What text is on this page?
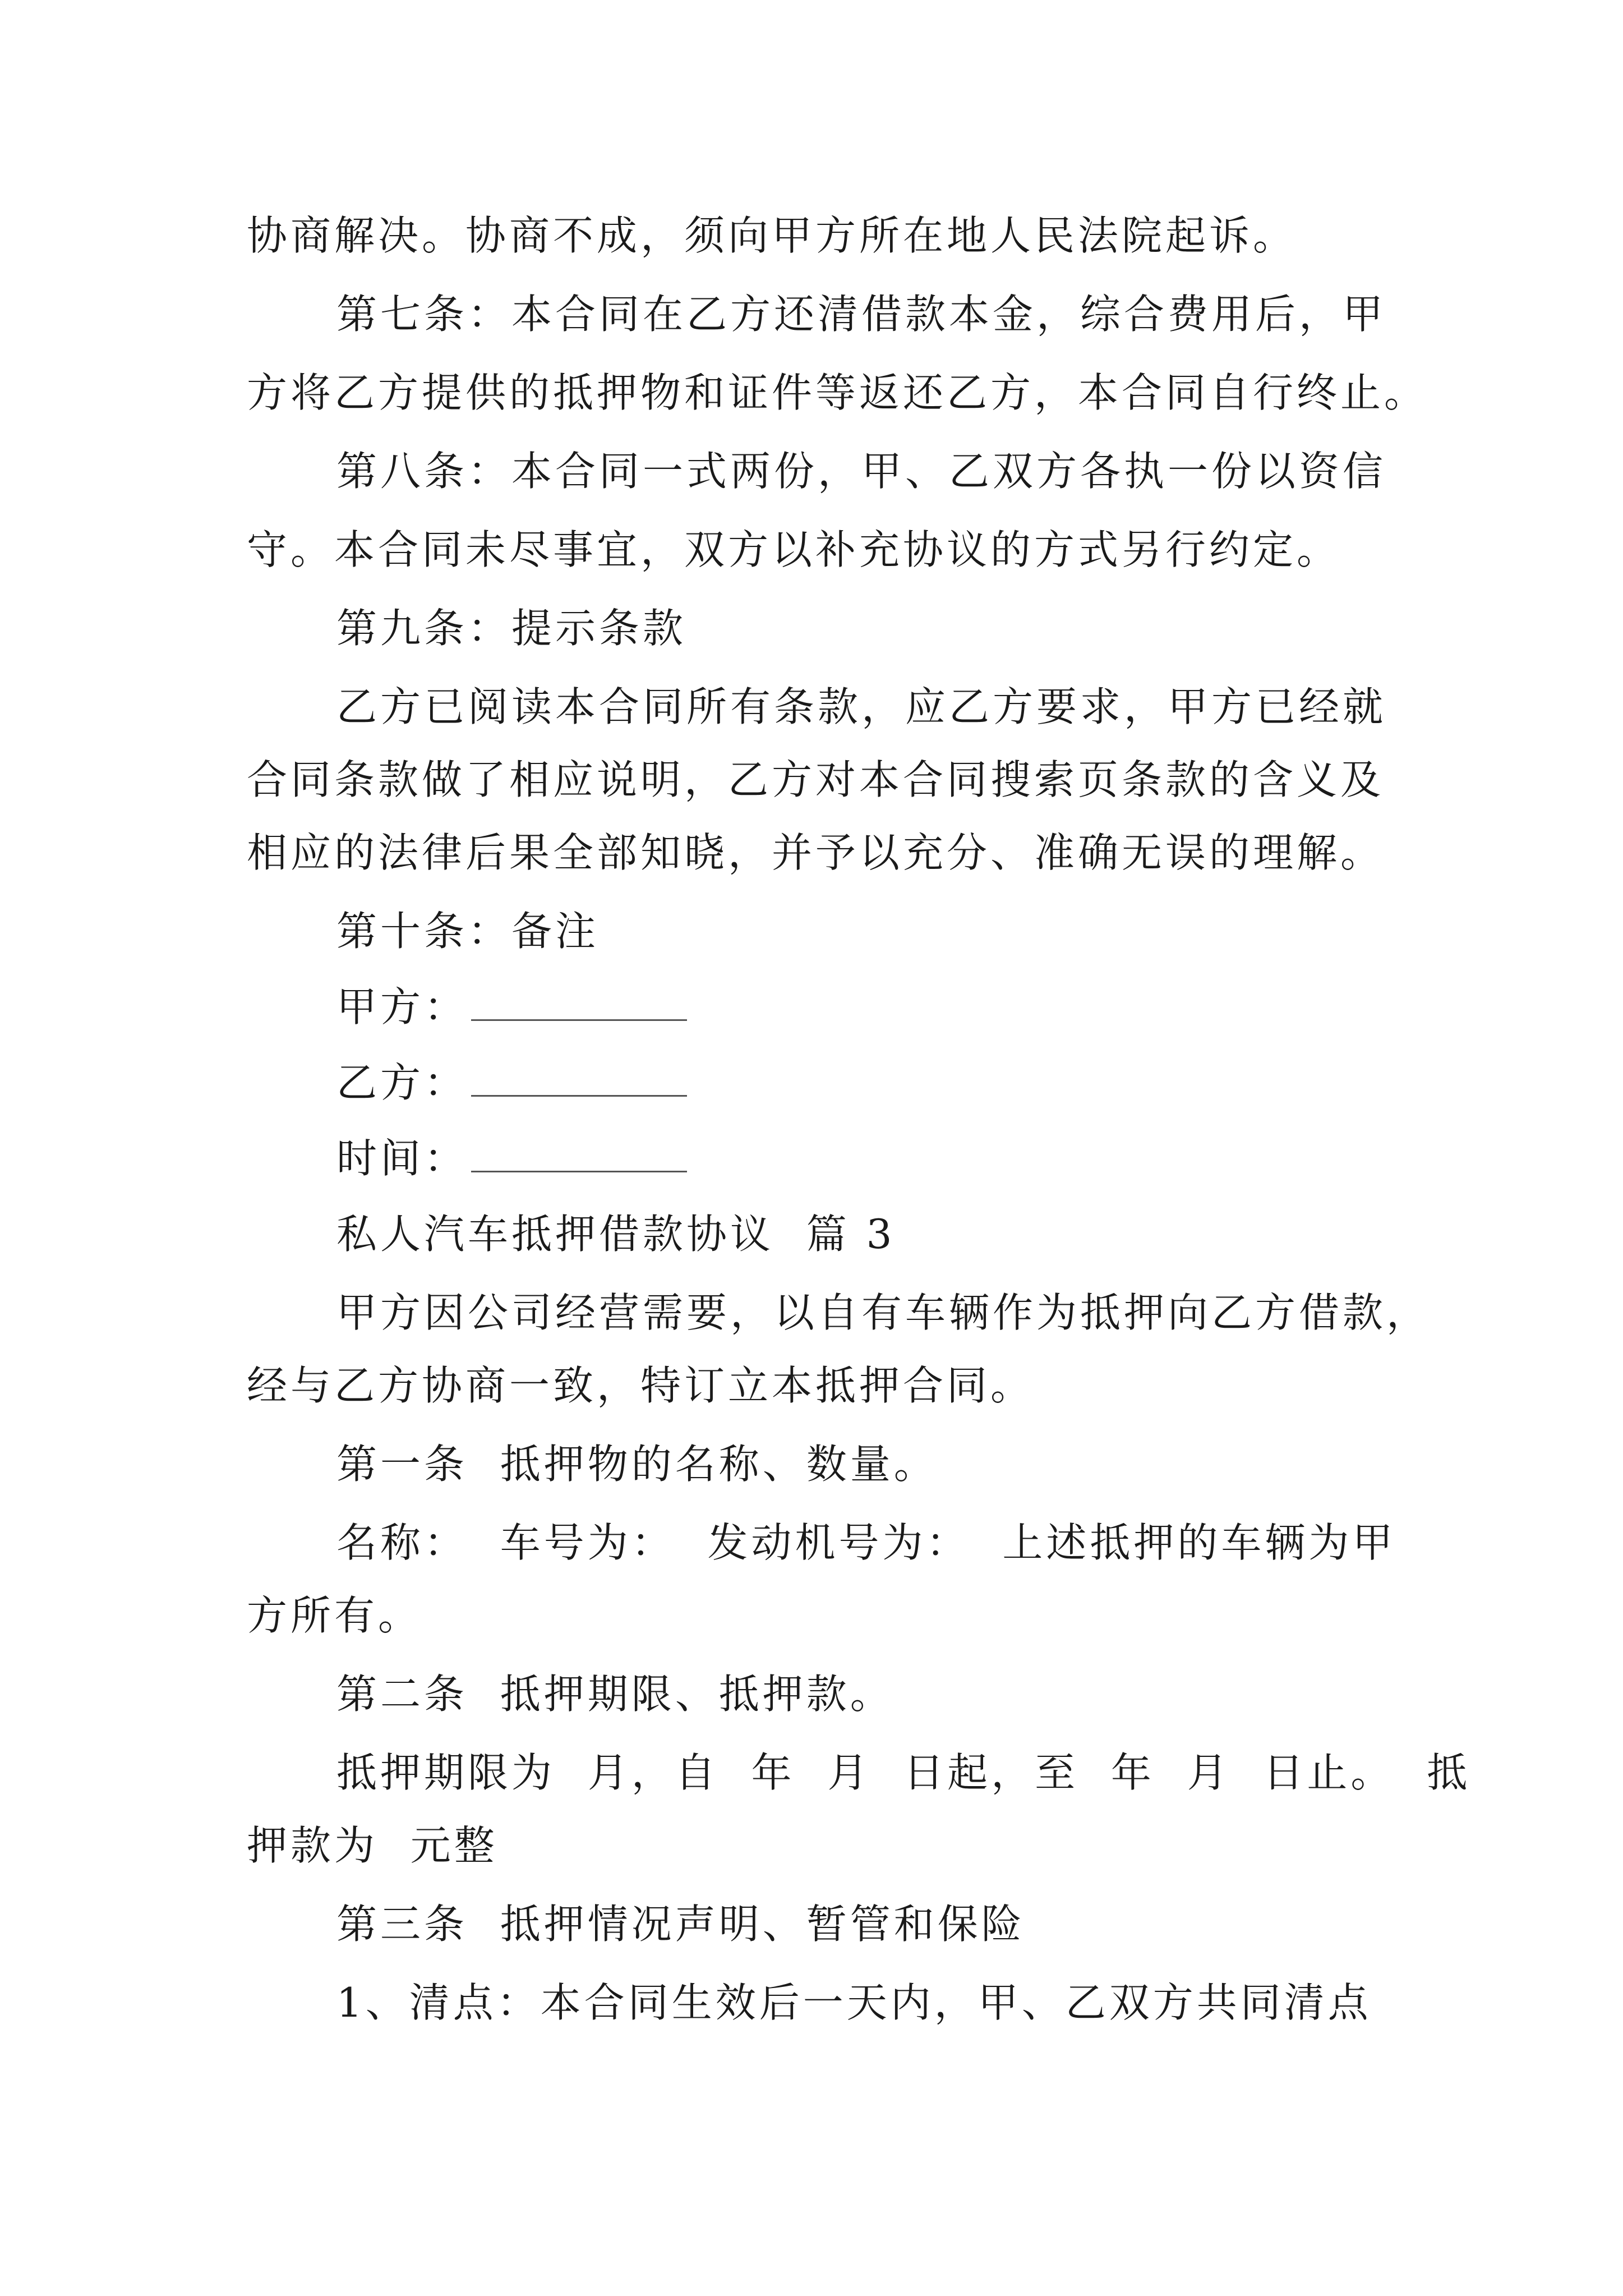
协商解决。协商不成，须向甲方所在地人民法院起诉。
第七条：本合同在乙方还清借款本金，综合费用后，甲
方将乙方提供的抵押物和证件等返还乙方，本合同自行终止。
第八条：本合同一式两份，甲、乙双方各执一份以资信
守。本合同未尽事宜，双方以补充协议的方式另行约定。
第九条：提示条款
乙方已阅读本合同所有条款，应乙方要求，甲方已经就
合同条款做了相应说明，乙方对本合同搜索页条款的含义及
相应的法律后果全部知晓，并予以充分、准确无误的理解。
第十条：备注
甲方：
乙方：
时间：
私人汽车抵押借款协议  篇 3
甲方因公司经营需要，以自有车辆作为抵押向乙方借款，
经与乙方协商一致，特订立本抵押合同。
第一条  抵押物的名称、数量。
名称：  车号为：  发动机号为：  上述抵押的车辆为甲
方所有。
第二条  抵押期限、抵押款。
抵押期限为  月，自  年  月  日起，至  年  月  日止。  抵
押款为  元整
第三条  抵押情况声明、暂管和保险
1、清点：本合同生效后一天内，甲、乙双方共同清点
